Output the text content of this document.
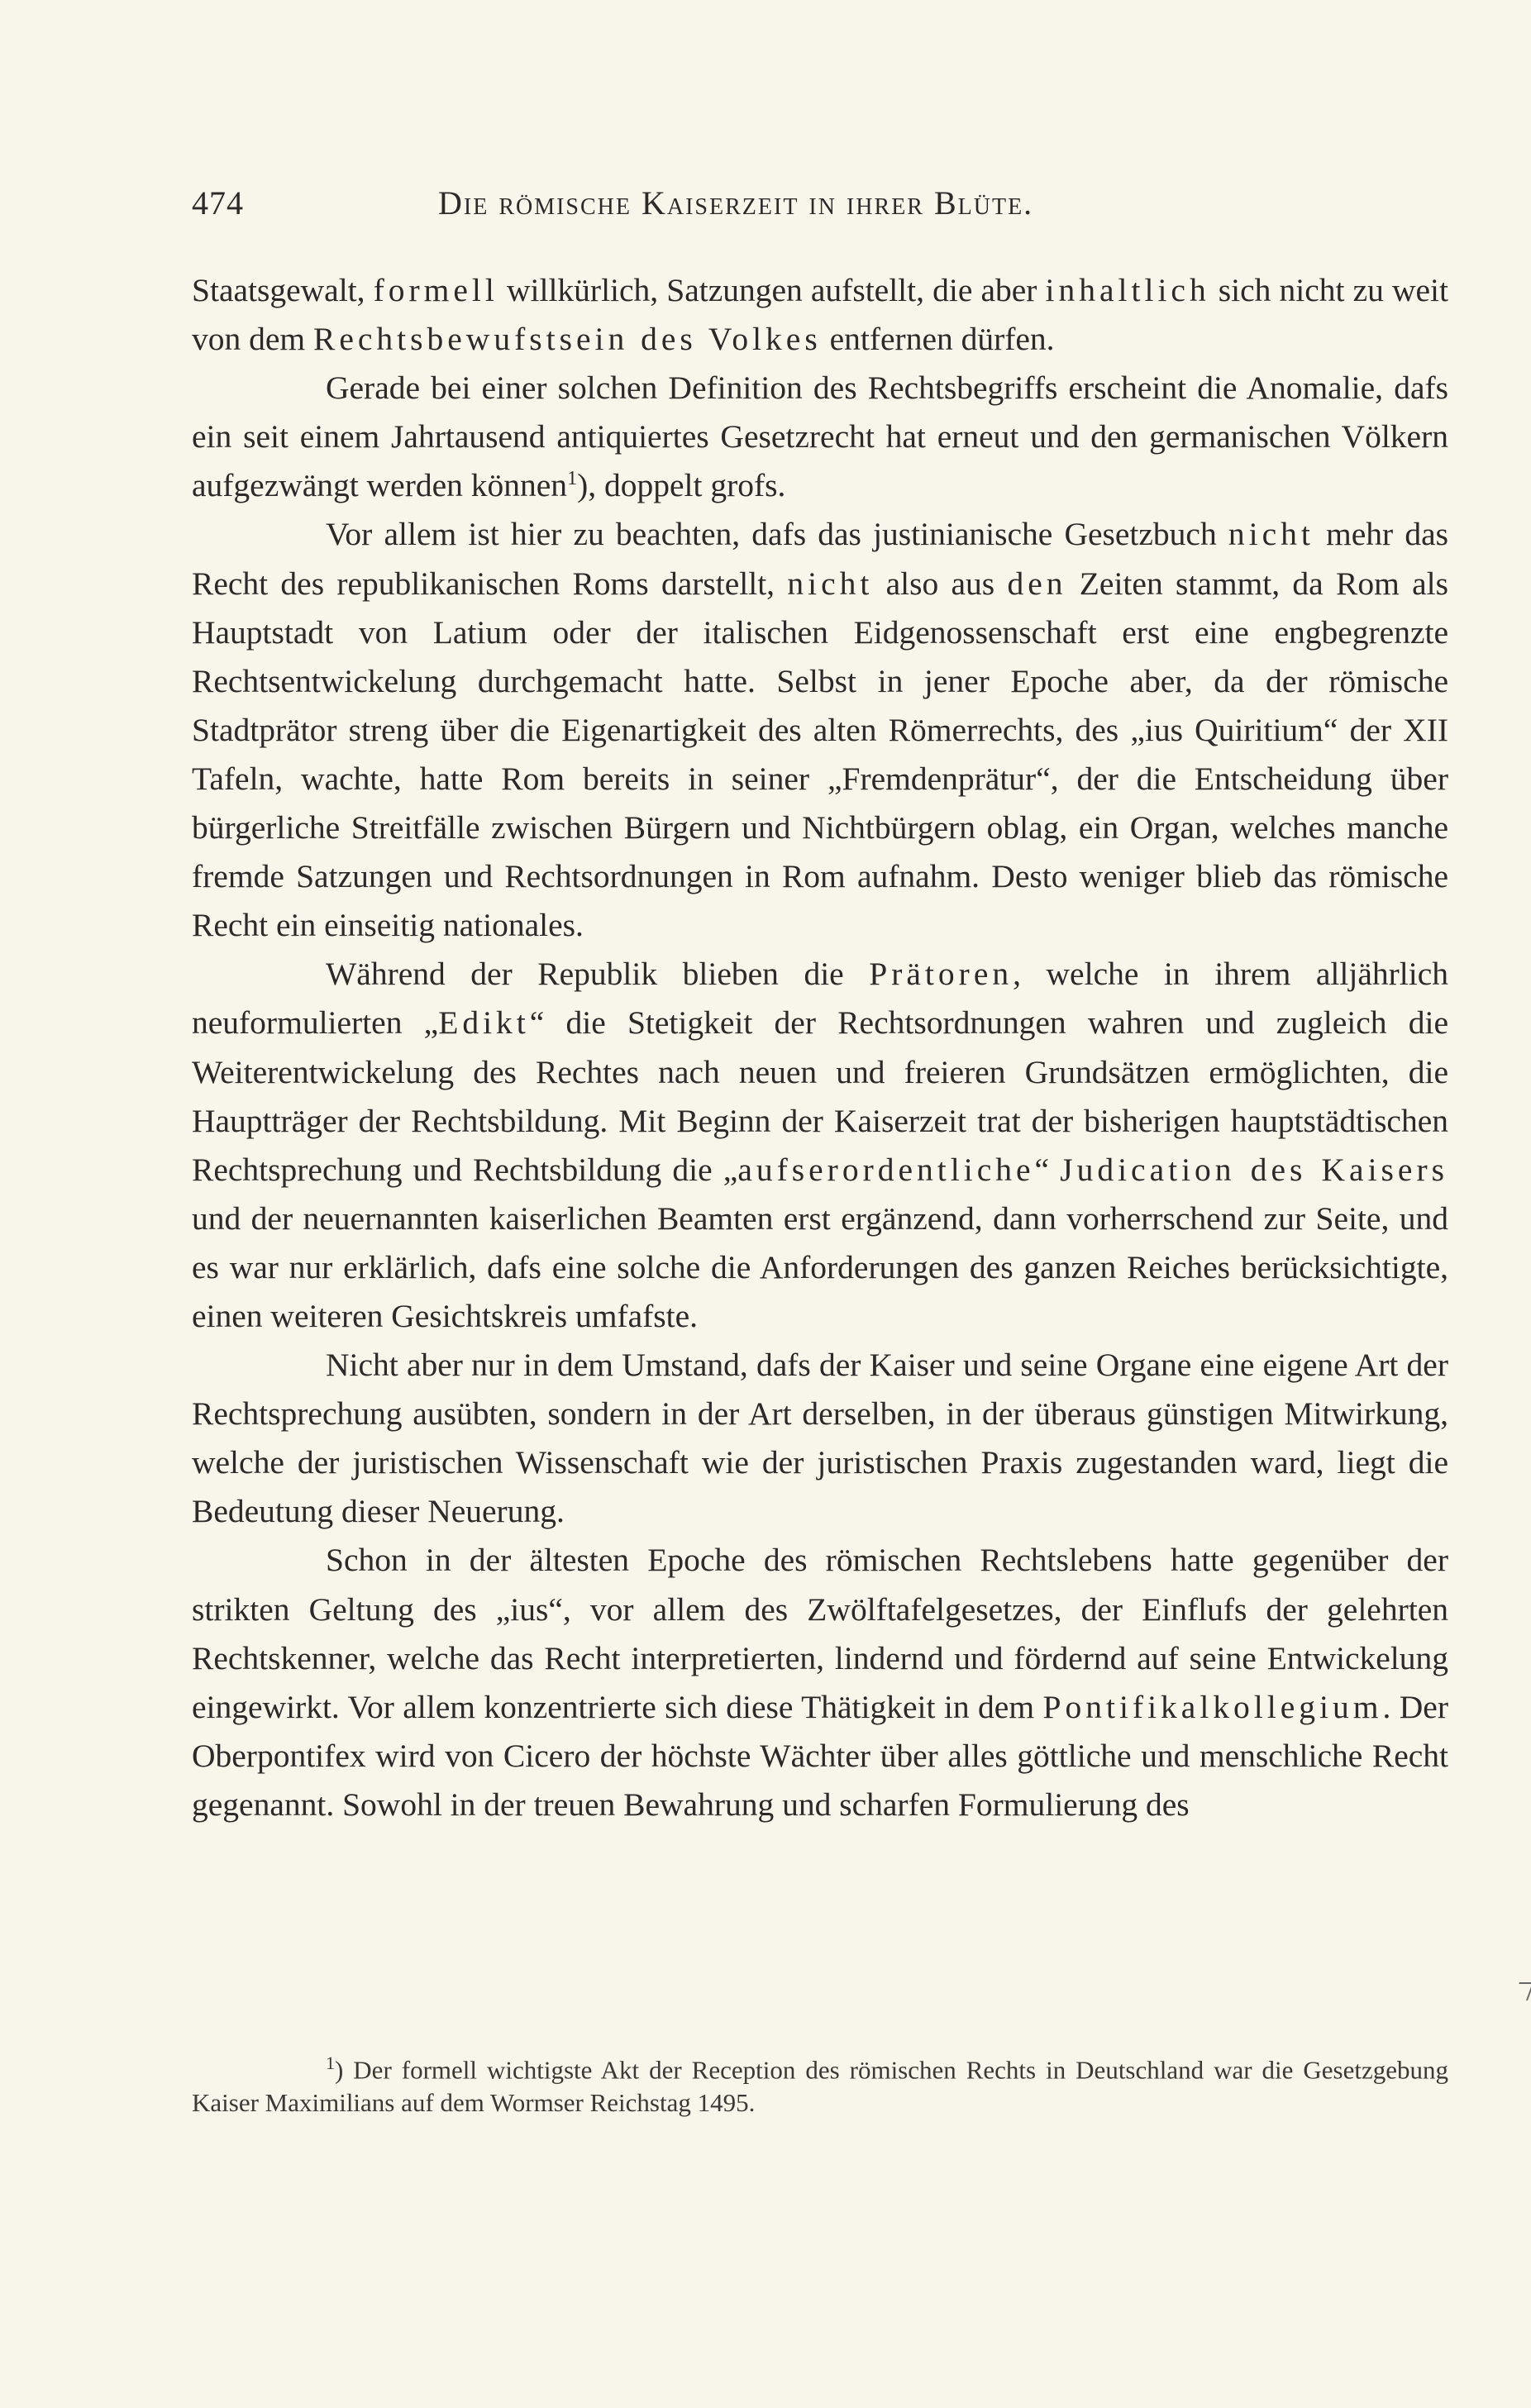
474	Die römische Kaiserzeit in ihrer Blüte.

Staatsgewalt, formell willkürlich, Satzungen aufstellt, die aber inhaltlich sich nicht zu weit von dem Rechtsbewufstsein des Volkes entfernen dürfen.

Gerade bei einer solchen Definition des Rechtsbegriffs erscheint die Anomalie, dafs ein seit einem Jahrtausend antiquiertes Gesetzrecht hat erneut und den germanischen Völkern aufgezwängt werden können$^1$), doppelt grofs.

Vor allem ist hier zu beachten, dafs das justinianische Gesetzbuch nicht mehr das Recht des republikanischen Roms darstellt, nicht also aus den Zeiten stammt, da Rom als Hauptstadt von Latium oder der italischen Eidgenossenschaft erst eine engbegrenzte Rechtsentwickelung durchgemacht hatte. Selbst in jener Epoche aber, da der römische Stadtprätor streng über die Eigenartigkeit des alten Römerrechts, des „ius Quiritium“ der XII Tafeln, wachte, hatte Rom bereits in seiner „Fremdenprätur“, der die Entscheidung über bürgerliche Streitfälle zwischen Bürgern und Nichtbürgern oblag, ein Organ, welches manche fremde Satzungen und Rechtsordnungen in Rom aufnahm. Desto weniger blieb das römische Recht ein einseitig nationales.

Während der Republik blieben die Prätoren, welche in ihrem alljährlich neuformulierten „Edikt“ die Stetigkeit der Rechtsordnungen wahren und zugleich die Weiterentwickelung des Rechtes nach neuen und freieren Grundsätzen ermöglichten, die Hauptträger der Rechtsbildung. Mit Beginn der Kaiserzeit trat der bisherigen hauptstädtischen Rechtsprechung und Rechtsbildung die „aufserordentliche“ Judication des Kaisers und der neuernannten kaiserlichen Beamten erst ergänzend, dann vorherrschend zur Seite, und es war nur erklärlich, dafs eine solche die Anforderungen des ganzen Reiches berücksichtigte, einen weiteren Gesichtskreis umfafste.

Nicht aber nur in dem Umstand, dafs der Kaiser und seine Organe eine eigene Art der Rechtsprechung ausübten, sondern in der Art derselben, in der überaus günstigen Mitwirkung, welche der juristischen Wissenschaft wie der juristischen Praxis zugestanden ward, liegt die Bedeutung dieser Neuerung.

Schon in der ältesten Epoche des römischen Rechtslebens hatte gegenüber der strikten Geltung des „ius“, vor allem des Zwölftafelgesetzes, der Einflufs der gelehrten Rechtskenner, welche das Recht interpretierten, lindernd und fördernd auf seine Entwickelung eingewirkt. Vor allem konzentrierte sich diese Thätigkeit in dem Pontifikalkollegium. Der Oberpontifex wird von Cicero der höchste Wächter über alles göttliche und menschliche Recht gegenannt. Sowohl in der treuen Bewahrung und scharfen Formulierung des

$^1$) Der formell wichtigste Akt der Reception des römischen Rechts in Deutschland war die Gesetzgebung Kaiser Maximilians auf dem Wormser Reichstag 1495.
